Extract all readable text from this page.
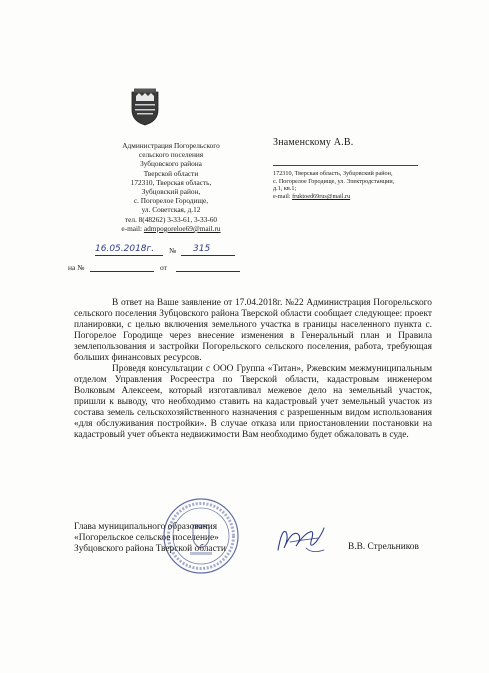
Администрация Погорельского
сельского поселения
Зубцовского района
Тверской области
172310, Тверская область,
Зубцовский район,
с. Погорелое Городище,
ул. Советская, д.12
тел. 8(48262) 3-33-61, 3-33-60
e-mail: admpogoreloe69@mail.ru
16.05.2018г. № 315
на №	от
Знаменскому А.В.
172310, Тверская область, Зубцовский район,
с. Погорелое Городище, ул. Электродстанции,
д.1, кв.1;
e-mail: fruktoed69rus@mail.ru

В ответ на Ваше заявление от 17.04.2018г. №22 Администрация Погорельского сельского поселения Зубцовского района Тверской области сообщает следующее: проект планировки, с целью включения земельного участка в границы населенного пункта с. Погорелое Городище через внесение изменения в Генеральный план и Правила землепользования и застройки Погорельского сельского поселения, работа, требующая больших финансовых ресурсов.

Проведя консультации с ООО Группа «Титан», Ржевским межмуниципальным отделом Управления Росреестра по Тверской области, кадастровым инженером Волковым Алексеем, который изготавливал межевое дело на земельный участок, пришли к выводу, что необходимо ставить на кадастровый учет земельный участок из состава земель сельскохозяйственного назначения с разрешенным видом использования «для обслуживания постройки». В случае отказа или приостановлении постановки на кадастровый учет объекта недвижимости Вам необходимо будет обжаловать в суде.

Глава муниципального образования
«Погорельское сельское поселение»
Зубцовского района Тверской области	В.В. Стрельников
